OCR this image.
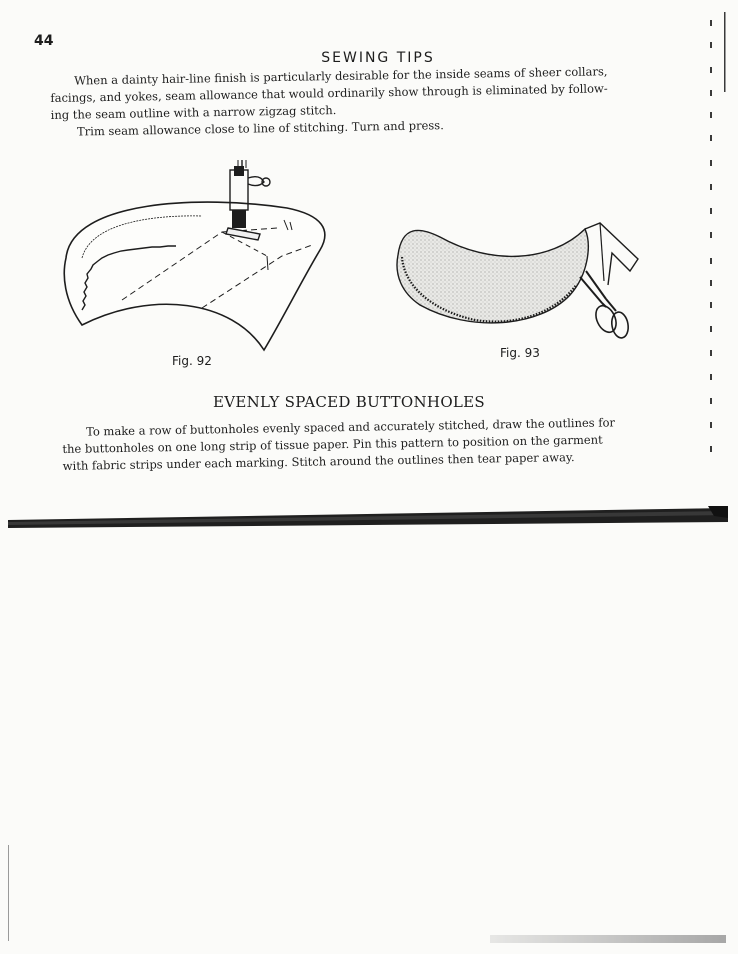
44
SEWING TIPS
When a dainty hair-line finish is particularly desirable for the inside seams of sheer collars,
facings, and yokes, seam allowance that would ordinarily show through is eliminated by follow-
ing the seam outline with a narrow zigzag stitch.
Trim seam allowance close to line of stitching. Turn and press.
Fig. 92
Fig. 93
EVENLY SPACED BUTTONHOLES
To make a row of buttonholes evenly spaced and accurately stitched, draw the outlines for
the buttonholes on one long strip of tissue paper. Pin this pattern to position on the garment
with fabric strips under each marking. Stitch around the outlines then tear paper away.
